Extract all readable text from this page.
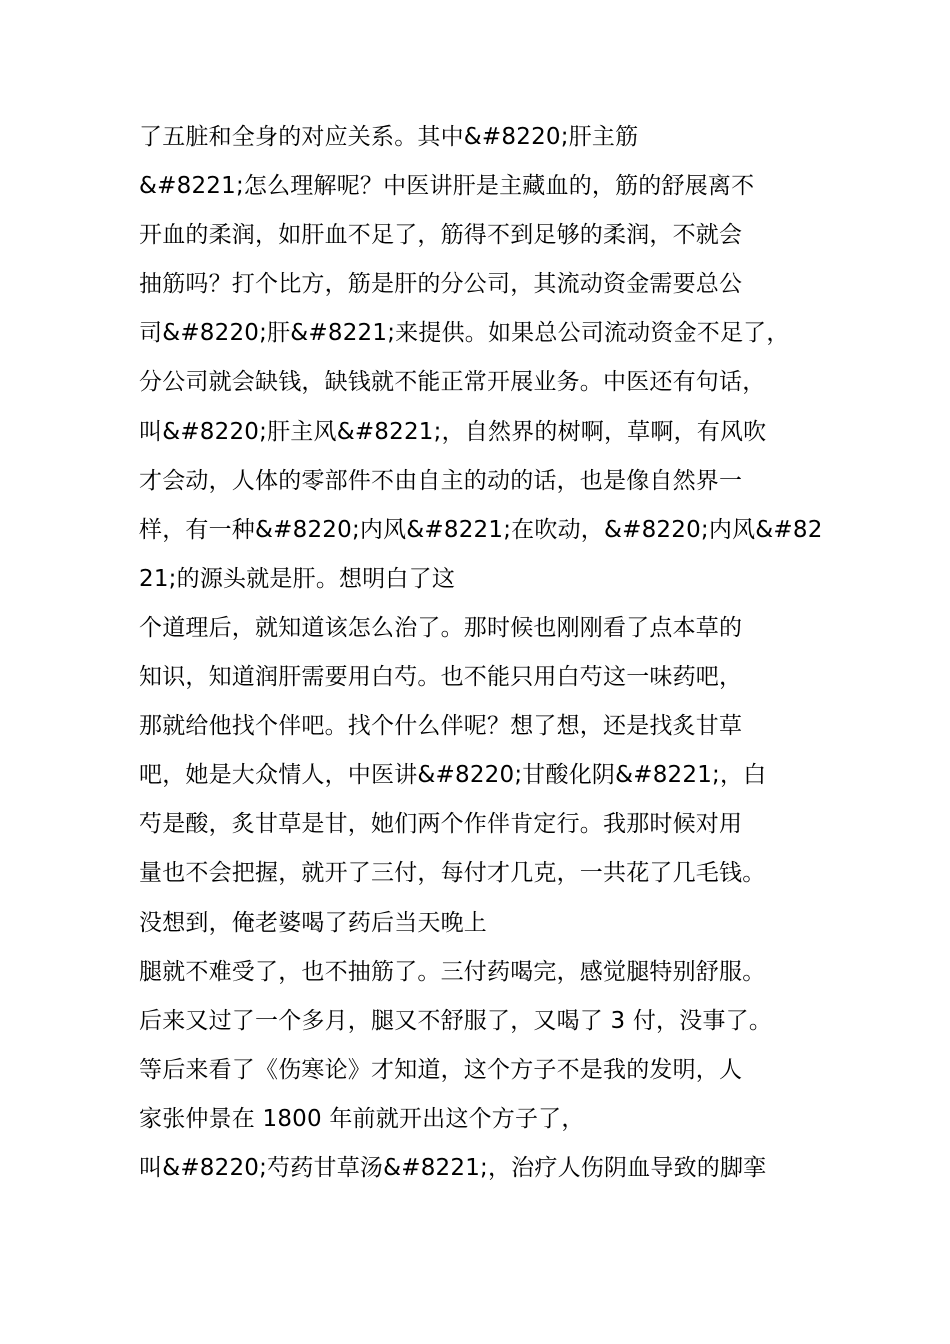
了五脏和全身的对应关系。其中&#8220;肝主筋
&#8221;怎么理解呢？中医讲肝是主藏血的，筋的舒展离不
开血的柔润，如肝血不足了，筋得不到足够的柔润，不就会
抽筋吗？打个比方，筋是肝的分公司，其流动资金需要总公
司&#8220;肝&#8221;来提供。如果总公司流动资金不足了，
分公司就会缺钱，缺钱就不能正常开展业务。中医还有句话，
叫&#8220;肝主风&#8221;，自然界的树啊，草啊，有风吹
才会动，人体的零部件不由自主的动的话，也是像自然界一
样，有一种&#8220;内风&#8221;在吹动，&#8220;内风&#82
21;的源头就是肝。想明白了这
个道理后，就知道该怎么治了。那时候也刚刚看了点本草的
知识，知道润肝需要用白芍。也不能只用白芍这一味药吧，
那就给他找个伴吧。找个什么伴呢？想了想，还是找炙甘草
吧，她是大众情人，中医讲&#8220;甘酸化阴&#8221;，白
芍是酸，炙甘草是甘，她们两个作伴肯定行。我那时候对用
量也不会把握，就开了三付，每付才几克，一共花了几毛钱。
没想到，俺老婆喝了药后当天晚上
腿就不难受了，也不抽筋了。三付药喝完，感觉腿特别舒服。
后来又过了一个多月，腿又不舒服了，又喝了 3 付，没事了。
等后来看了《伤寒论》才知道，这个方子不是我的发明，人
家张仲景在 1800 年前就开出这个方子了，
叫&#8220;芍药甘草汤&#8221;，治疗人伤阴血导致的脚挛
